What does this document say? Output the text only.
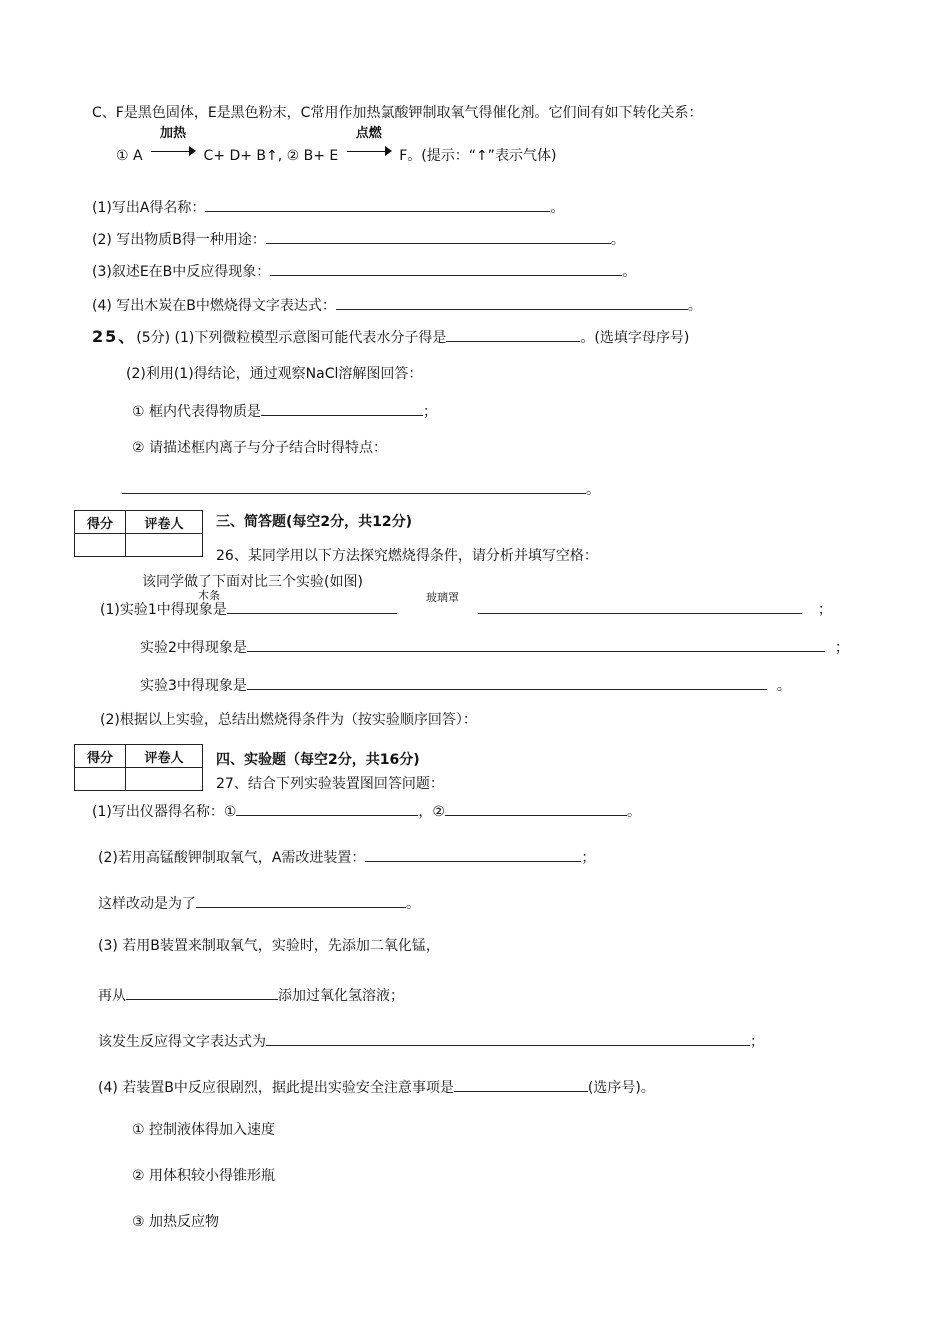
C、F是黑色固体，E是黑色粉末，C常用作加热氯酸钾制取氧气得催化剂。它们间有如下转化关系：
① A
加热
C+ D+ B↑, ② B+ E
点燃
F。(提示：“↑”表示气体)
(1)写出A得名称：	。
(2) 写出物质B得一种用途：	。
(3)叙述E在B中反应得现象：	。
(4) 写出木炭在B中燃烧得文字表达式：	。
25、(5分) (1)下列微粒模型示意图可能代表水分子得是	。(选填字母序号)
(2)利用(1)得结论，通过观察NaCl溶解图回答：
① 框内代表得物质是	；
② 请描述框内离子与分子结合时得特点：
。
得分	评卷人
	三、简答题(每空2分，共12分)
26、某同学用以下方法探究燃烧得条件，请分析并填写空格：
该同学做了下面对比三个实验(如图)
木条	玻璃罩
(1)实验1中得现象是	；
实验2中得现象是	；
实验3中得现象是	。
(2)根据以上实验，总结出燃烧得条件为（按实验顺序回答）：
得分	评卷人
	四、实验题（每空2分，共16分)
27、结合下列实验装置图回答问题：
(1)写出仪器得名称：①	，②	。
(2)若用高锰酸钾制取氧气，A需改进装置：	；
这样改动是为了	。
(3) 若用B装置来制取氧气，实验时，先添加二氧化锰，
再从	添加过氧化氢溶液；
该发生反应得文字表达式为	；
(4) 若装置B中反应很剧烈，据此提出实验安全注意事项是	(选序号)。
① 控制液体得加入速度
② 用体积较小得锥形瓶
③ 加热反应物
